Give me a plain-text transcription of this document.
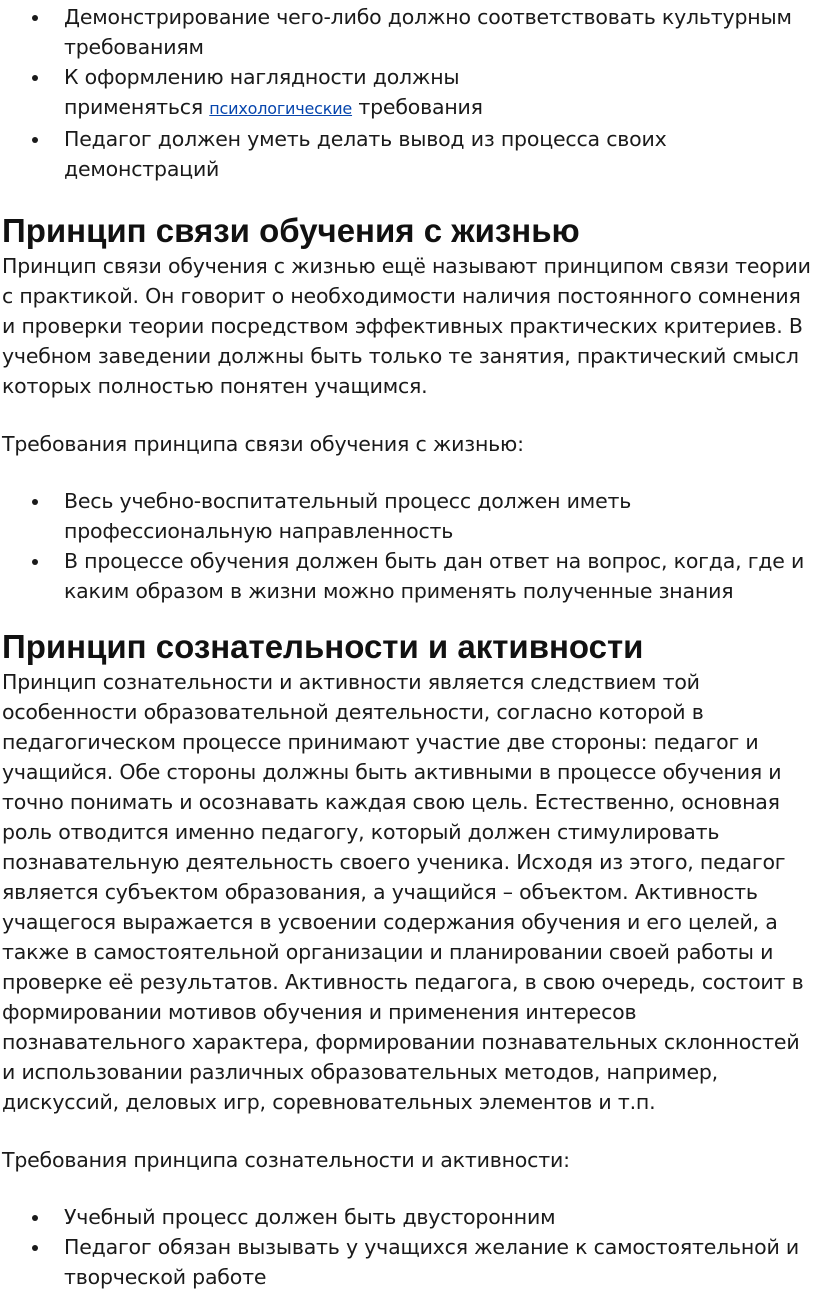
Демонстрирование чего-либо должно соответствовать культурным требованиям
К оформлению наглядности должны применяться психологические требования
Педагог должен уметь делать вывод из процесса своих демонстраций
Принцип связи обучения с жизнью

Принцип связи обучения с жизнью ещё называют принципом связи теории с практикой. Он говорит о необходимости наличия постоянного сомнения и проверки теории посредством эффективных практических критериев. В учебном заведении должны быть только те занятия, практический смысл которых полностью понятен учащимся.

Требования принципа связи обучения с жизнью:

Весь учебно-воспитательный процесс должен иметь профессиональную направленность
В процессе обучения должен быть дан ответ на вопрос, когда, где и каким образом в жизни можно применять полученные знания
Принцип сознательности и активности

Принцип сознательности и активности является следствием той особенности образовательной деятельности, согласно которой в педагогическом процессе принимают участие две стороны: педагог и учащийся. Обе стороны должны быть активными в процессе обучения и точно понимать и осознавать каждая свою цель. Естественно, основная роль отводится именно педагогу, который должен стимулировать познавательную деятельность своего ученика. Исходя из этого, педагог является субъектом образования, а учащийся – объектом. Активность учащегося выражается в усвоении содержания обучения и его целей, а также в самостоятельной организации и планировании своей работы и проверке её результатов. Активность педагога, в свою очередь, состоит в формировании мотивов обучения и применения интересов познавательного характера, формировании познавательных склонностей и использовании различных образовательных методов, например, дискуссий, деловых игр, соревновательных элементов и т.п.

Требования принципа сознательности и активности:

Учебный процесс должен быть двусторонним
Педагог обязан вызывать у учащихся желание к самостоятельной и творческой работе
